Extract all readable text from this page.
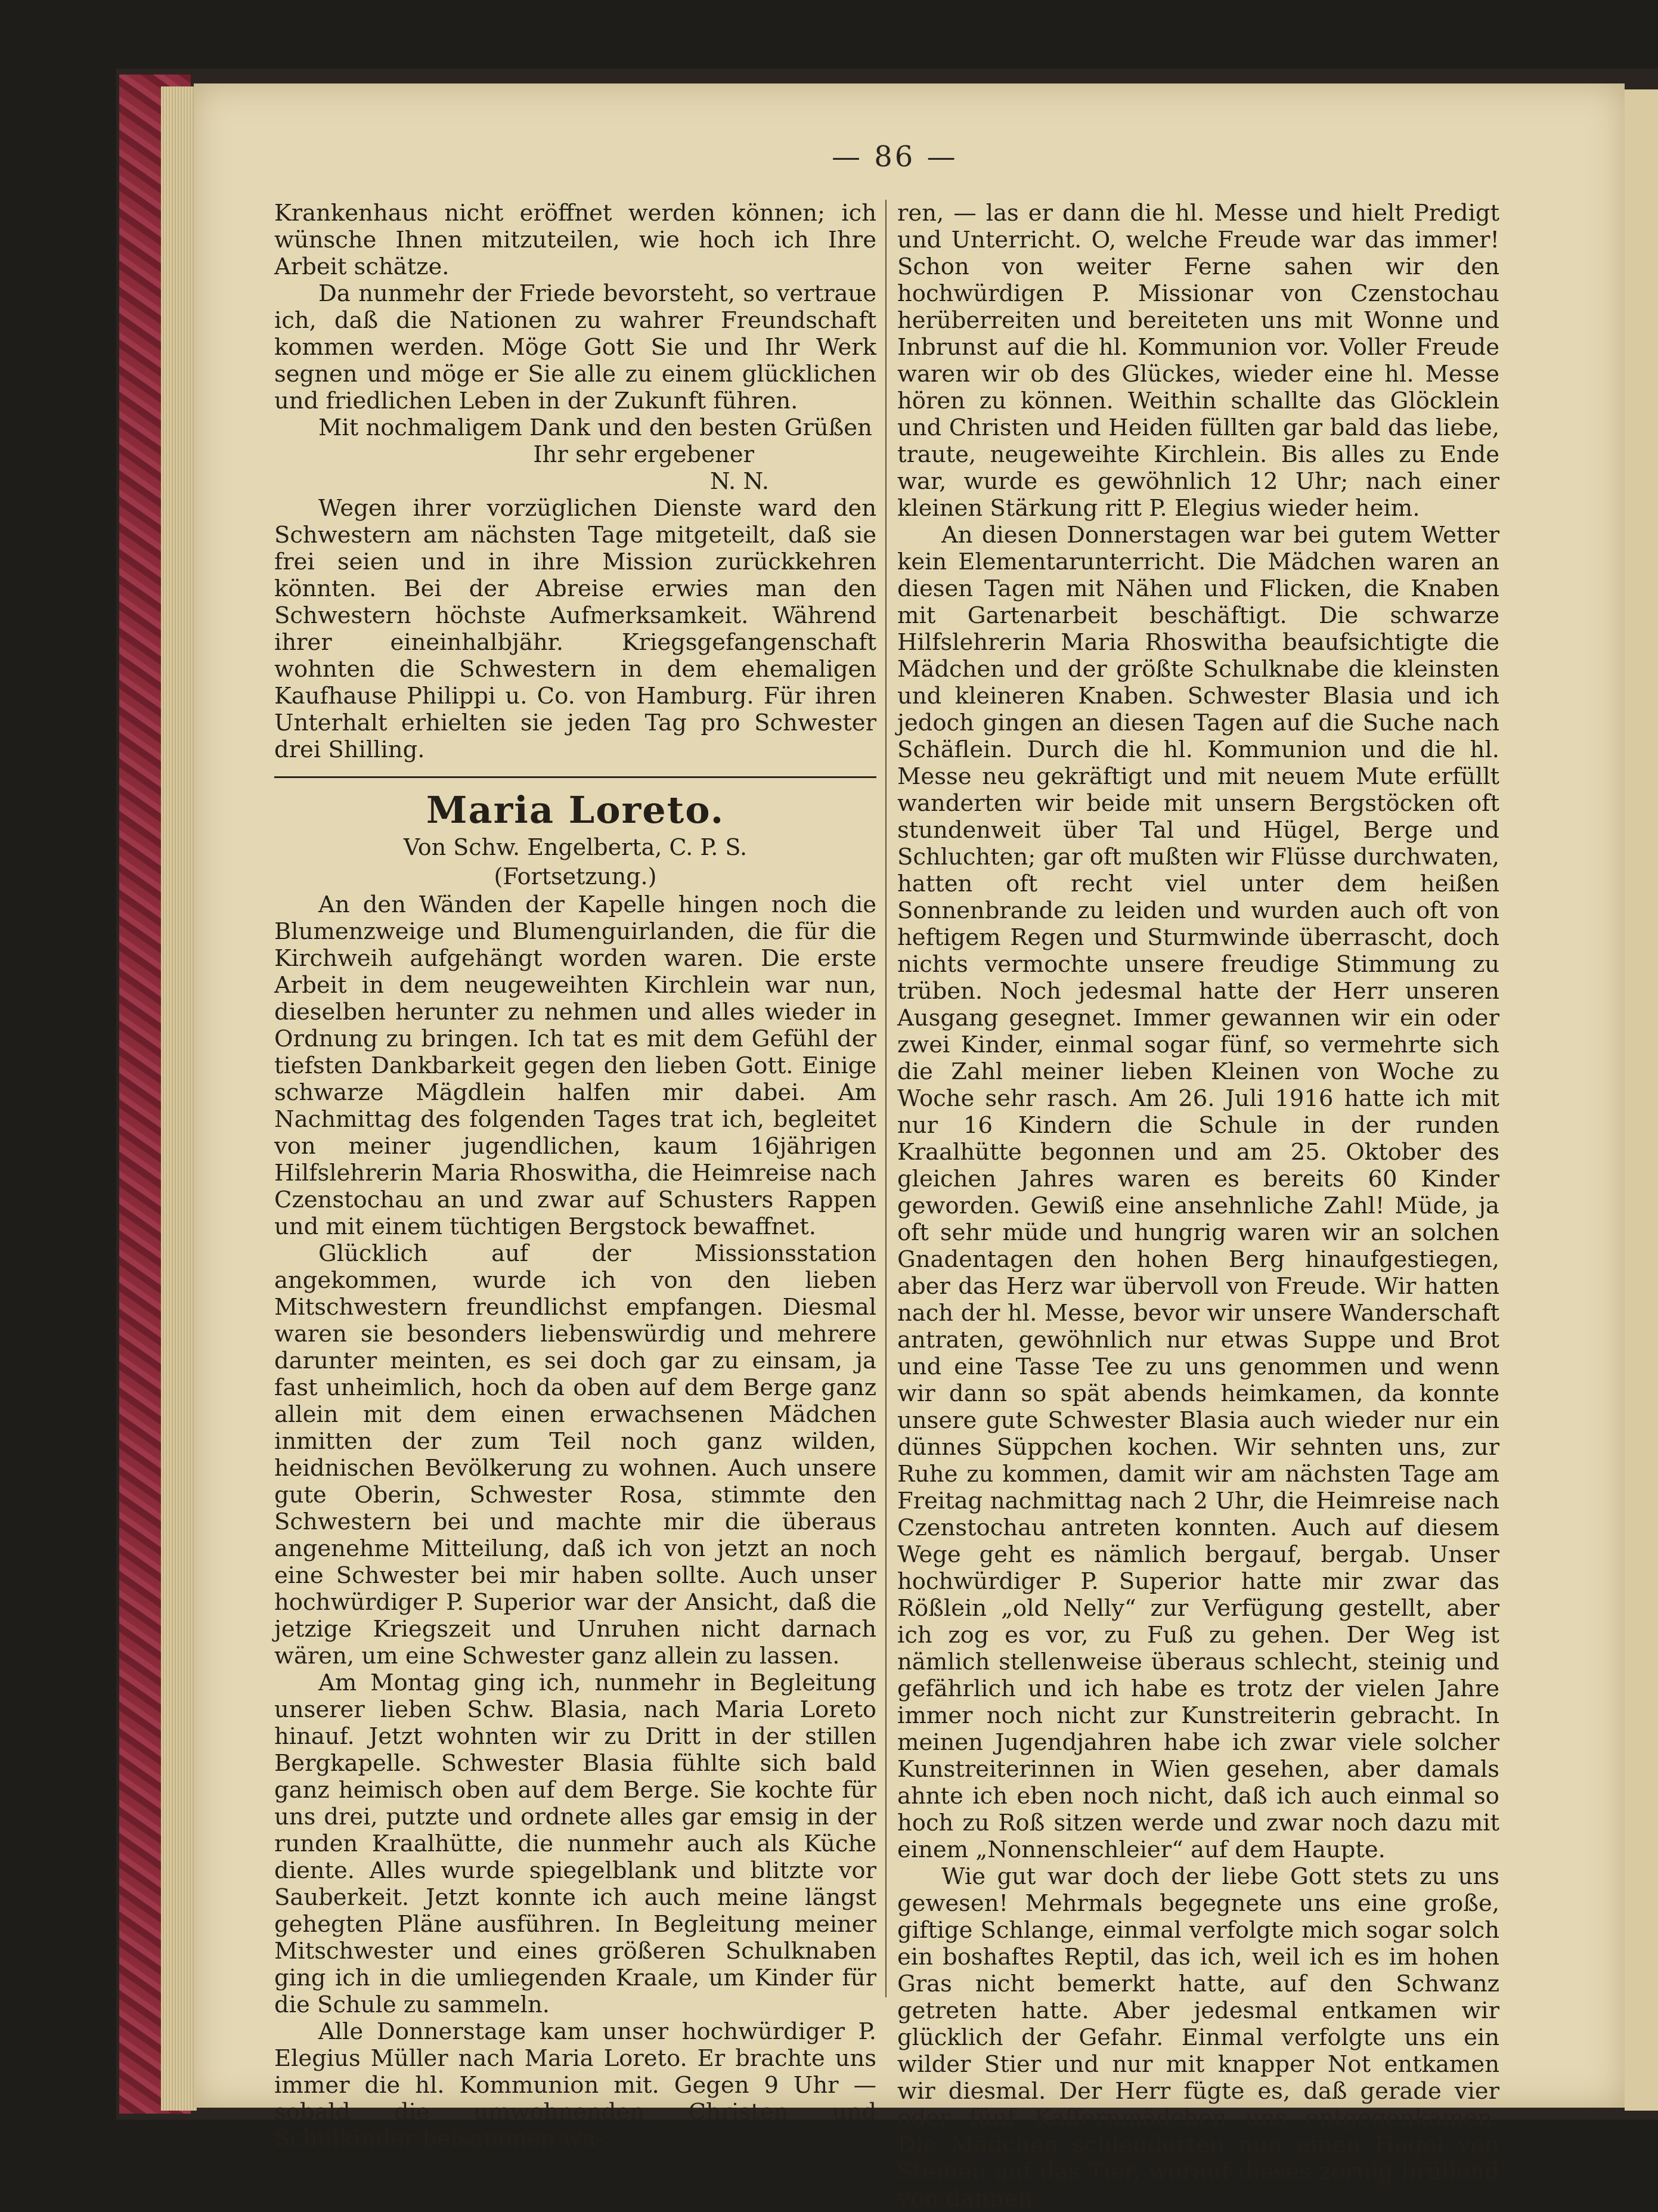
— 86 —

Krankenhaus nicht eröffnet werden können; ich wünsche Ihnen mitzuteilen, wie hoch ich Ihre Arbeit schätze.

Da nunmehr der Friede bevorsteht, so vertraue ich, daß die Nationen zu wahrer Freundschaft kommen werden. Möge Gott Sie und Ihr Werk segnen und möge er Sie alle zu einem glücklichen und friedlichen Leben in der Zukunft führen.

Mit nochmaligem Dank und den besten Grüßen

Ihr sehr ergebener
N. N.

Wegen ihrer vorzüglichen Dienste ward den Schwestern am nächsten Tage mitgeteilt, daß sie frei seien und in ihre Mission zurückkehren könnten. Bei der Abreise erwies man den Schwestern höchste Aufmerksamkeit. Während ihrer eineinhalbjähr. Kriegsgefangenschaft wohnten die Schwestern in dem ehemaligen Kaufhause Philippi u. Co. von Hamburg. Für ihren Unterhalt erhielten sie jeden Tag pro Schwester drei Shilling.

Maria Loreto.
Von Schw. Engelberta, C. P. S.
(Fortsetzung.)

An den Wänden der Kapelle hingen noch die Blumenzweige und Blumenguirlanden, die für die Kirchweih aufgehängt worden waren. Die erste Arbeit in dem neugeweihten Kirchlein war nun, dieselben herunter zu nehmen und alles wieder in Ordnung zu bringen. Ich tat es mit dem Gefühl der tiefsten Dankbarkeit gegen den lieben Gott. Einige schwarze Mägdlein halfen mir dabei. Am Nachmittag des folgenden Tages trat ich, begleitet von meiner jugendlichen, kaum 16jährigen Hilfslehrerin Maria Rhoswitha, die Heimreise nach Czenstochau an und zwar auf Schusters Rappen und mit einem tüchtigen Bergstock bewaffnet.

Glücklich auf der Missionsstation angekommen, wurde ich von den lieben Mitschwestern freundlichst empfangen. Diesmal waren sie besonders liebenswürdig und mehrere darunter meinten, es sei doch gar zu einsam, ja fast unheimlich, hoch da oben auf dem Berge ganz allein mit dem einen erwachsenen Mädchen inmitten der zum Teil noch ganz wilden, heidnischen Bevölkerung zu wohnen. Auch unsere gute Oberin, Schwester Rosa, stimmte den Schwestern bei und machte mir die überaus angenehme Mitteilung, daß ich von jetzt an noch eine Schwester bei mir haben sollte. Auch unser hochwürdiger P. Superior war der Ansicht, daß die jetzige Kriegszeit und Unruhen nicht darnach wären, um eine Schwester ganz allein zu lassen.

Am Montag ging ich, nunmehr in Begleitung unserer lieben Schw. Blasia, nach Maria Loreto hinauf. Jetzt wohnten wir zu Dritt in der stillen Bergkapelle. Schwester Blasia fühlte sich bald ganz heimisch oben auf dem Berge. Sie kochte für uns drei, putzte und ordnete alles gar emsig in der runden Kraalhütte, die nunmehr auch als Küche diente. Alles wurde spiegelblank und blitzte vor Sauberkeit. Jetzt konnte ich auch meine längst gehegten Pläne ausführen. In Begleitung meiner Mitschwester und eines größeren Schulknaben ging ich in die umliegenden Kraale, um Kinder für die Schule zu sammeln.

Alle Donnerstage kam unser hochwürdiger P. Elegius Müller nach Maria Loreto. Er brachte uns immer die hl. Kommunion mit. Gegen 9 Uhr — sobald die umwohnenden Christen und Schulkinder beisammen wa-

ren, — las er dann die hl. Messe und hielt Predigt und Unterricht. O, welche Freude war das immer! Schon von weiter Ferne sahen wir den hochwürdigen P. Missionar von Czenstochau herüberreiten und bereiteten uns mit Wonne und Inbrunst auf die hl. Kommunion vor. Voller Freude waren wir ob des Glückes, wieder eine hl. Messe hören zu können. Weithin schallte das Glöcklein und Christen und Heiden füllten gar bald das liebe, traute, neugeweihte Kirchlein. Bis alles zu Ende war, wurde es gewöhnlich 12 Uhr; nach einer kleinen Stärkung ritt P. Elegius wieder heim.

An diesen Donnerstagen war bei gutem Wetter kein Elementarunterricht. Die Mädchen waren an diesen Tagen mit Nähen und Flicken, die Knaben mit Gartenarbeit beschäftigt. Die schwarze Hilfslehrerin Maria Rhoswitha beaufsichtigte die Mädchen und der größte Schulknabe die kleinsten und kleineren Knaben. Schwester Blasia und ich jedoch gingen an diesen Tagen auf die Suche nach Schäflein. Durch die hl. Kommunion und die hl. Messe neu gekräftigt und mit neuem Mute erfüllt wanderten wir beide mit unsern Bergstöcken oft stundenweit über Tal und Hügel, Berge und Schluchten; gar oft mußten wir Flüsse durchwaten, hatten oft recht viel unter dem heißen Sonnenbrande zu leiden und wurden auch oft von heftigem Regen und Sturmwinde überrascht, doch nichts vermochte unsere freudige Stimmung zu trüben. Noch jedesmal hatte der Herr unseren Ausgang gesegnet. Immer gewannen wir ein oder zwei Kinder, einmal sogar fünf, so vermehrte sich die Zahl meiner lieben Kleinen von Woche zu Woche sehr rasch. Am 26. Juli 1916 hatte ich mit nur 16 Kindern die Schule in der runden Kraalhütte begonnen und am 25. Oktober des gleichen Jahres waren es bereits 60 Kinder geworden. Gewiß eine ansehnliche Zahl! Müde, ja oft sehr müde und hungrig waren wir an solchen Gnadentagen den hohen Berg hinaufgestiegen, aber das Herz war übervoll von Freude. Wir hatten nach der hl. Messe, bevor wir unsere Wanderschaft antraten, gewöhnlich nur etwas Suppe und Brot und eine Tasse Tee zu uns genommen und wenn wir dann so spät abends heimkamen, da konnte unsere gute Schwester Blasia auch wieder nur ein dünnes Süppchen kochen. Wir sehnten uns, zur Ruhe zu kommen, damit wir am nächsten Tage am Freitag nachmittag nach 2 Uhr, die Heimreise nach Czenstochau antreten konnten. Auch auf diesem Wege geht es nämlich bergauf, bergab. Unser hochwürdiger P. Superior hatte mir zwar das Rößlein „old Nelly“ zur Verfügung gestellt, aber ich zog es vor, zu Fuß zu gehen. Der Weg ist nämlich stellenweise überaus schlecht, steinig und gefährlich und ich habe es trotz der vielen Jahre immer noch nicht zur Kunstreiterin gebracht. In meinen Jugendjahren habe ich zwar viele solcher Kunstreiterinnen in Wien gesehen, aber damals ahnte ich eben noch nicht, daß ich auch einmal so hoch zu Roß sitzen werde und zwar noch dazu mit einem „Nonnenschleier“ auf dem Haupte.

Wie gut war doch der liebe Gott stets zu uns gewesen! Mehrmals begegnete uns eine große, giftige Schlange, einmal verfolgte mich sogar solch ein boshaftes Reptil, das ich, weil ich es im hohen Gras nicht bemerkt hatte, auf den Schwanz getreten hatte. Aber jedesmal entkamen wir glücklich der Gefahr. Einmal verfolgte uns ein wilder Stier und nur mit knapper Not entkamen wir diesmal. Der Herr fügte es, daß gerade vier oder fünf Kaffernmädchen uns entgegenkamen. Die Mädchen schleuderten nun einen Hagel von Steinen auf das Tier, worauf dieses zornig brüllend von dannen
